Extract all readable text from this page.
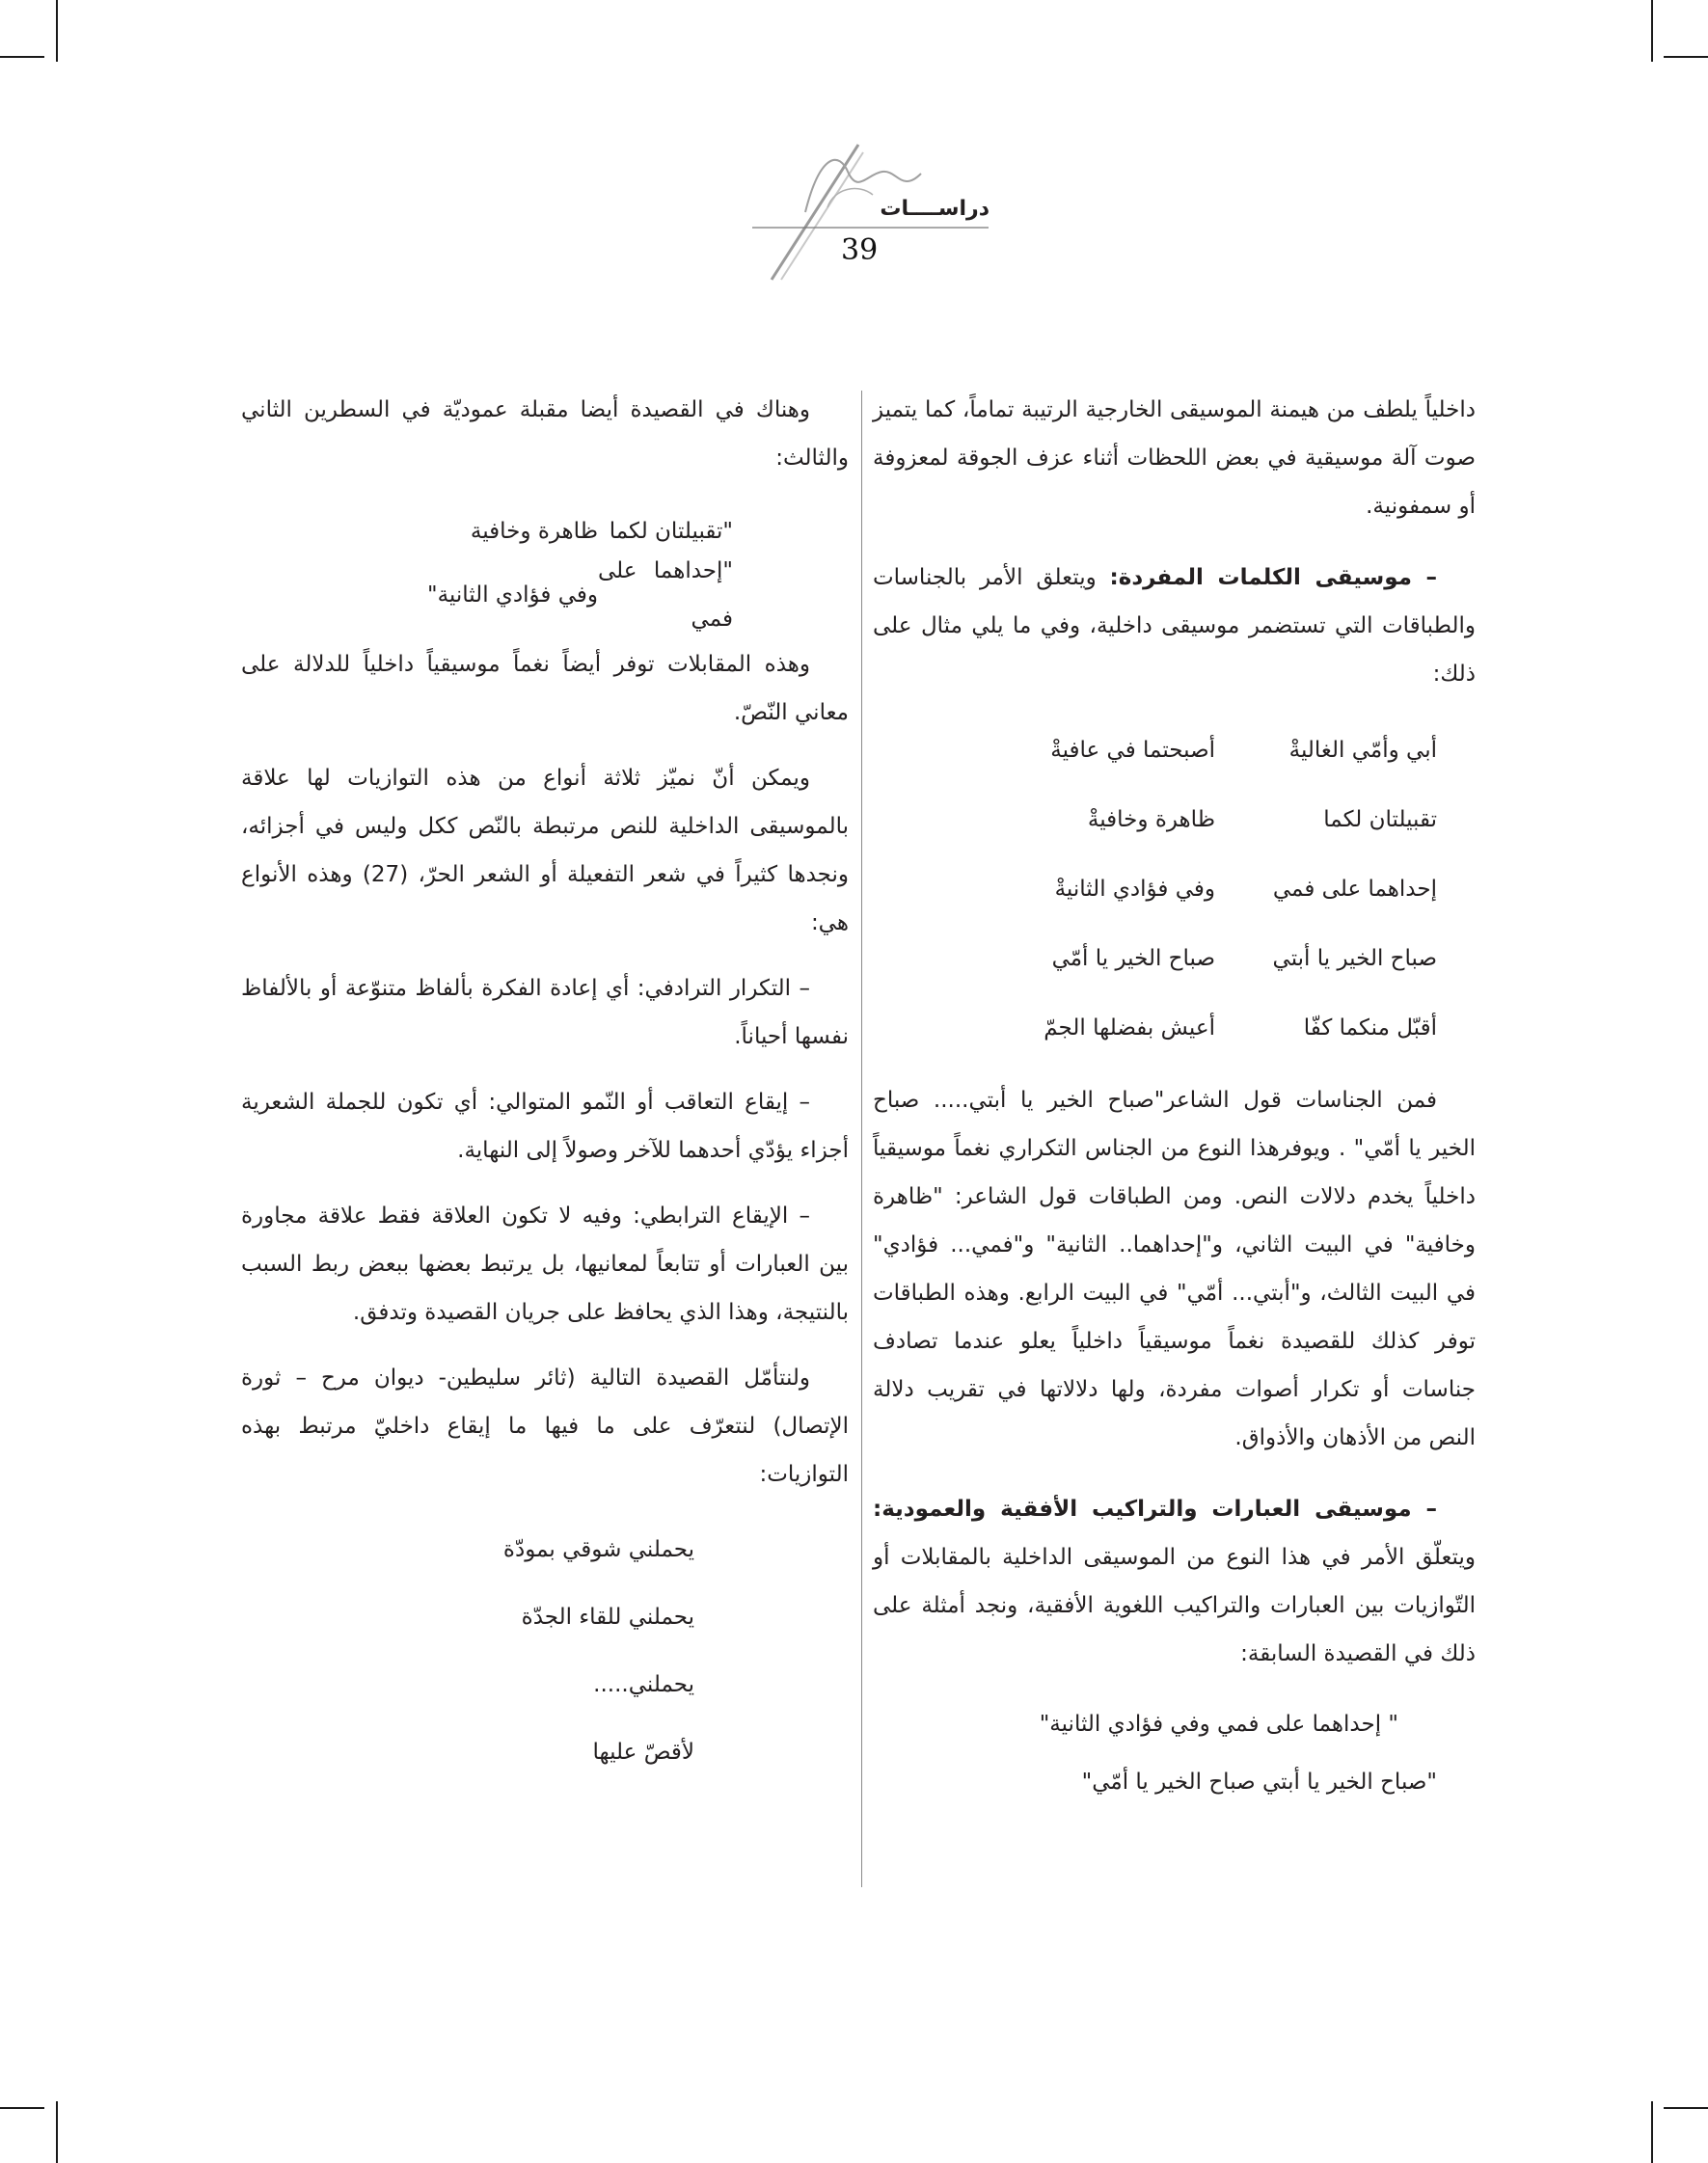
دراســــات
39

داخلياً يلطف من هيمنة الموسيقى الخارجية الرتيبة تماماً، كما يتميز صوت آلة موسيقية في بعض اللحظات أثناء عزف الجوقة لمعزوفة أو سمفونية.

– موسيقى الكلمات المفردة: ويتعلق الأمر بالجناسات والطباقات التي تستضمر موسيقى داخلية، وفي ما يلي مثال على ذلك:

أبي وأمّي الغاليةْ
أصبحتما في عافيةْ
تقبيلتان لكما
ظاهرة وخافيةْ
إحداهما على فمي
وفي فؤادي الثانيةْ
صباح الخير يا أبتي
صباح الخير يا أمّي
أقبّل منكما كفّا
أعيش بفضلها الجمّ

فمن الجناسات قول الشاعر"صباح الخير يا أبتي..... صباح الخير يا أمّي" . ويوفرهذا النوع من الجناس التكراري نغماً موسيقياً داخلياً يخدم دلالات النص. ومن الطباقات قول الشاعر: "ظاهرة وخافية" في البيت الثاني، و"إحداهما.. الثانية" و"فمي... فؤادي" في البيت الثالث، و"أبتي... أمّي" في البيت الرابع. وهذه الطباقات توفر كذلك للقصيدة نغماً موسيقياً داخلياً يعلو عندما تصادف جناسات أو تكرار أصوات مفردة، ولها دلالاتها في تقريب دلالة النص من الأذهان والأذواق.

– موسيقى العبارات والتراكيب الأفقية والعمودية: ويتعلّق الأمر في هذا النوع من الموسيقى الداخلية بالمقابلات أو التّوازيات بين العبارات والتراكيب اللغوية الأفقية، ونجد أمثلة على ذلك في القصيدة السابقة:

" إحداهما على فمي وفي فؤادي الثانية"
"صباح الخير يا أبتي صباح الخير يا أمّي"

وهناك في القصيدة أيضا مقبلة عموديّة في السطرين الثاني والثالث:

"تقبيلتان لكما
ظاهرة وخافية
"إحداهما على فمي
وفي فؤادي الثانية"

وهذه المقابلات توفر أيضاً نغماً موسيقياً داخلياً للدلالة على معاني النّصّ.

ويمكن أنّ نميّز ثلاثة أنواع من هذه التوازيات لها علاقة بالموسيقى الداخلية للنص مرتبطة بالنّص ككل وليس في أجزائه، ونجدها كثيراً في شعر التفعيلة أو الشعر الحرّ، (27) وهذه الأنواع هي:

– التكرار الترادفي: أي إعادة الفكرة بألفاظ متنوّعة أو بالألفاظ نفسها أحياناً.

– إيقاع التعاقب أو النّمو المتوالي: أي تكون للجملة الشعرية أجزاء يؤدّي أحدهما للآخر وصولاً إلى النهاية.

– الإيقاع الترابطي: وفيه لا تكون العلاقة فقط علاقة مجاورة بين العبارات أو تتابعاً لمعانيها، بل يرتبط بعضها ببعض ربط السبب بالنتيجة، وهذا الذي يحافظ على جريان القصيدة وتدفق.

ولنتأمّل القصيدة التالية (ثائر سليطين- ديوان مرح – ثورة الإتصال) لنتعرّف على ما فيها ما إيقاع داخليّ مرتبط بهذه التوازيات:

يحملني شوقي بمودّة
يحملني للقاء الجدّة
يحملني.....
لأقصّ عليها
